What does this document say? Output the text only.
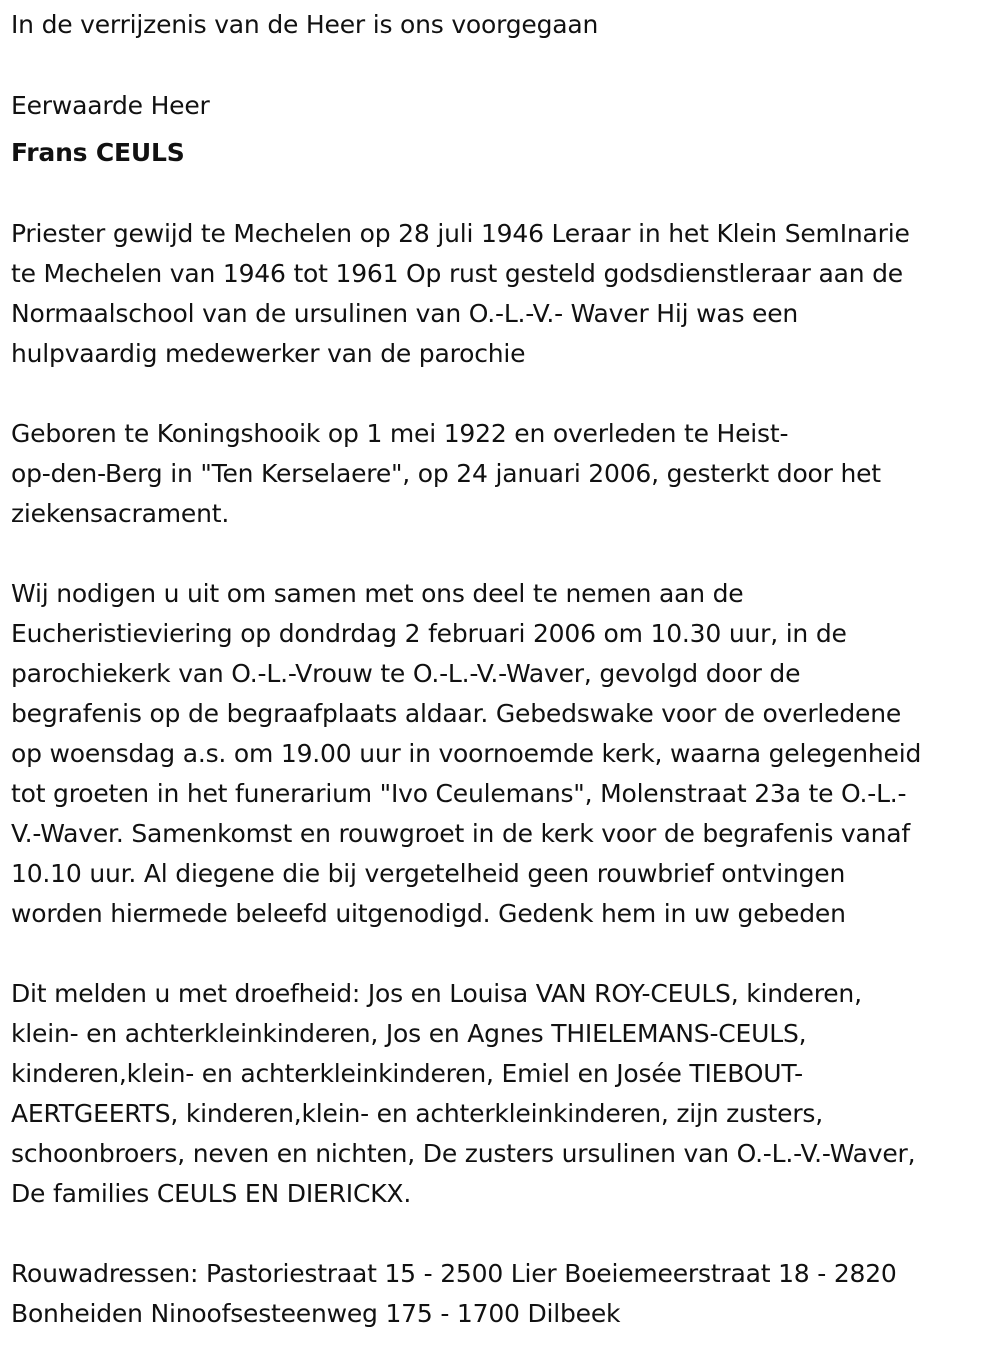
In de verrijzenis van de Heer is ons voorgegaan
Eerwaarde Heer
Frans CEULS
Priester gewijd te Mechelen op 28 juli 1946 Leraar in het Klein SemInarie
te Mechelen van 1946 tot 1961 Op rust gesteld godsdienstleraar aan de
Normaalschool van de ursulinen van O.-L.-V.- Waver Hij was een
hulpvaardig medewerker van de parochie
Geboren te Koningshooik op 1 mei 1922 en overleden te Heist-
op-den-Berg in "Ten Kerselaere", op 24 januari 2006, gesterkt door het
ziekensacrament.
Wij nodigen u uit om samen met ons deel te nemen aan de
Eucheristieviering op dondrdag 2 februari 2006 om 10.30 uur, in de
parochiekerk van O.-L.-Vrouw te O.-L.-V.-Waver, gevolgd door de
begrafenis op de begraafplaats aldaar. Gebedswake voor de overledene
op woensdag a.s. om 19.00 uur in voornoemde kerk, waarna gelegenheid
tot groeten in het funerarium "Ivo Ceulemans", Molenstraat 23a te O.-L.-
V.-Waver. Samenkomst en rouwgroet in de kerk voor de begrafenis vanaf
10.10 uur. Al diegene die bij vergetelheid geen rouwbrief ontvingen
worden hiermede beleefd uitgenodigd. Gedenk hem in uw gebeden
Dit melden u met droefheid: Jos en Louisa VAN ROY-CEULS, kinderen,
klein- en achterkleinkinderen, Jos en Agnes THIELEMANS-CEULS,
kinderen,klein- en achterkleinkinderen, Emiel en Josée TIEBOUT-
AERTGEERTS, kinderen,klein- en achterkleinkinderen, zijn zusters,
schoonbroers, neven en nichten, De zusters ursulinen van O.-L.-V.-Waver,
De families CEULS EN DIERICKX.
Rouwadressen: Pastoriestraat 15 - 2500 Lier Boeiemeerstraat 18 - 2820
Bonheiden Ninoofsesteenweg 175 - 1700 Dilbeek
